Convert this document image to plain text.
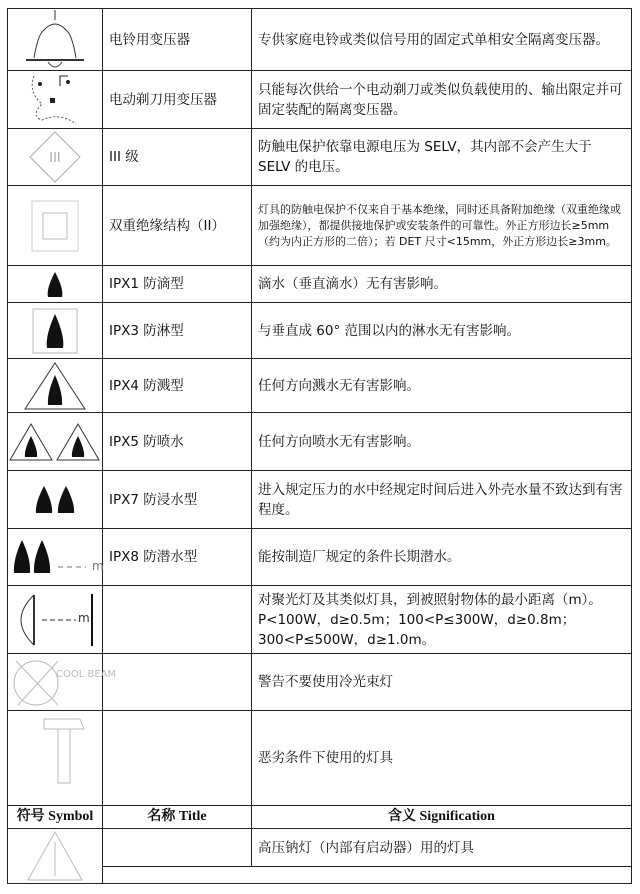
	电铃用变压器	专供家庭电铃或类似信号用的固定式单相安全隔离变压器。

	电动剃刀用变压器	只能每次供给一个电动剃刀或类似负载使用的、输出限定并可固定装配的隔离变压器。

III	III 级	防触电保护依靠电源电压为 SELV，其内部不会产生大于 SELV 的电压。

	双重绝缘结构（II）	灯具的防触电保护不仅来自于基本绝缘，同时还具备附加绝缘（双重绝缘或加强绝缘），都提供接地保护或安装条件的可靠性。外正方形边长≥5mm（约为内正方形的二倍）；若 DET 尺寸<15mm，外正方形边长≥3mm。

	IPX1 防滴型	滴水（垂直滴水）无有害影响。

	IPX3 防淋型	与垂直成 60° 范围以内的淋水无有害影响。

	IPX4 防溅型	任何方向溅水无有害影响。

	IPX5 防喷水	任何方向喷水无有害影响。

	IPX7 防浸水型	进入规定压力的水中经规定时间后进入外壳水量不致达到有害程度。

m	IPX8 防潜水型	能按制造厂规定的条件长期潜水。

m		对聚光灯及其类似灯具，到被照射物体的最小距离（m）。P<100W，d≥0.5m；100<P≤300W，d≥0.8m；300<P≤500W，d≥1.0m。

COOL BEAM		警告不要使用冷光束灯

		恶劣条件下使用的灯具
符号 Symbol	名称 Title	含义 Signification

		高压钠灯（内部有启动器）用的灯具
